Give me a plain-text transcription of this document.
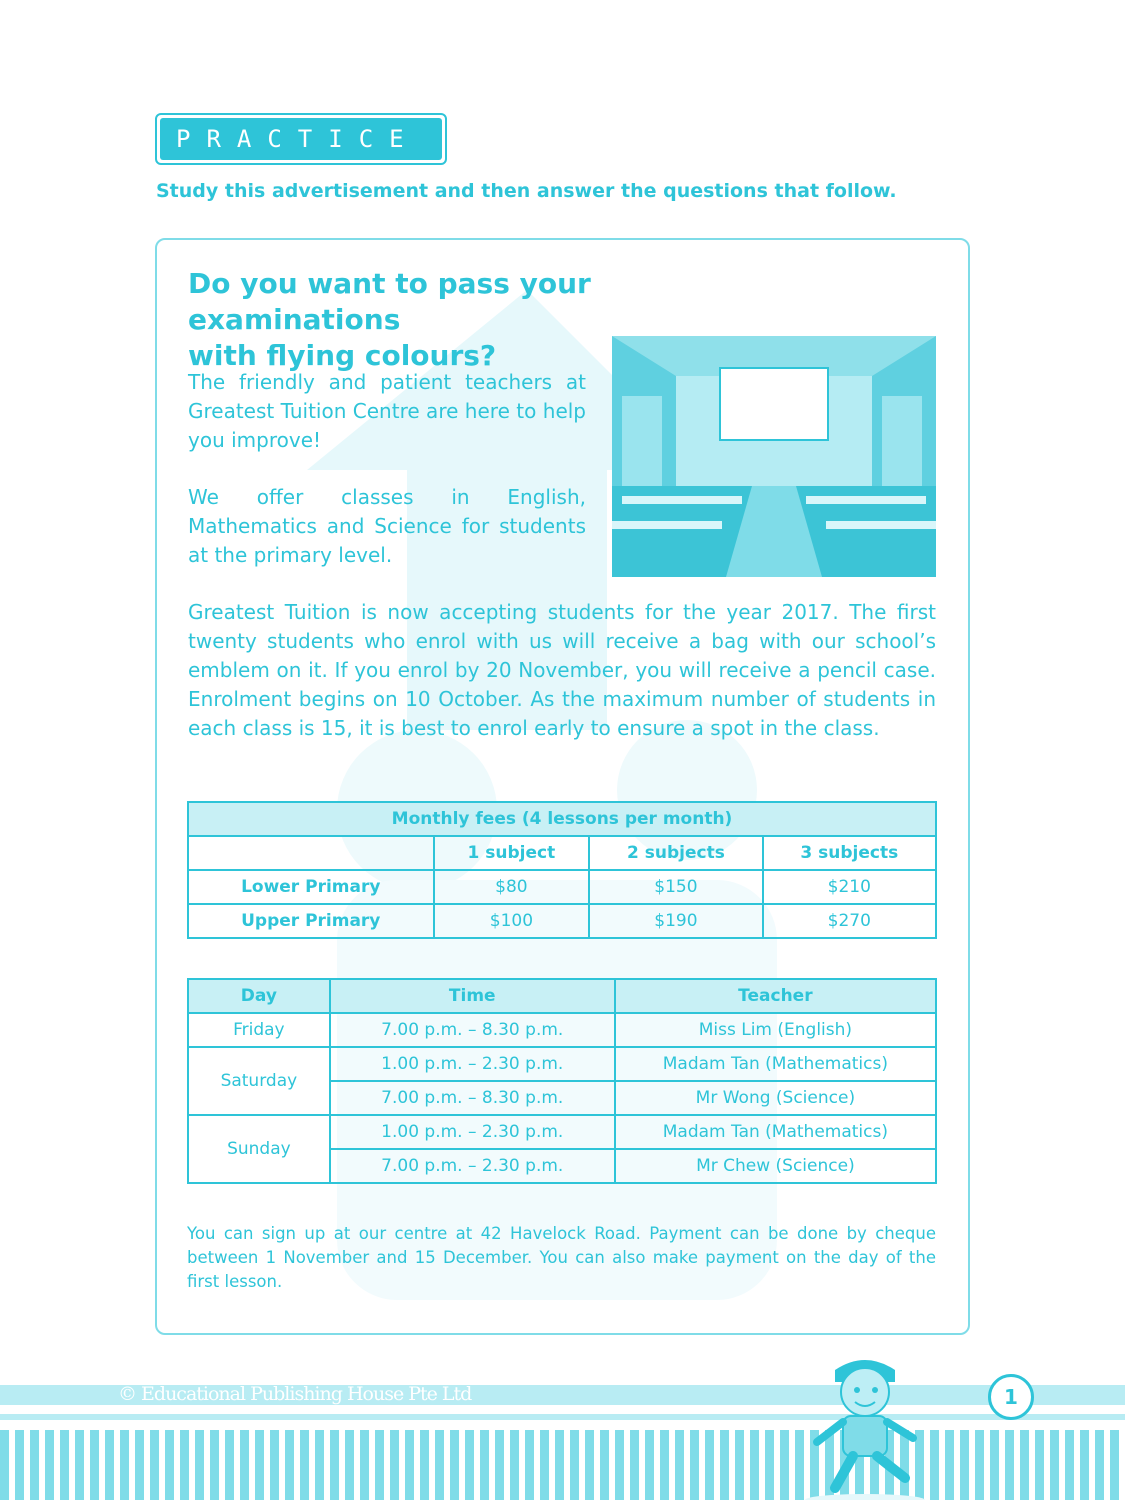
PRACTICE 1
Study this advertisement and then answer the questions that follow.
Do you want to pass your examinations
with flying colours?
The friendly and patient teachers at Greatest Tuition Centre are here to help you improve!
We offer classes in English, Mathematics and Science for students at the primary level.
Greatest Tuition is now accepting students for the year 2017. The first twenty students who enrol with us will receive a bag with our school’s emblem on it. If you enrol by 20 November, you will receive a pencil case. Enrolment begins on 10 October. As the maximum number of students in each class is 15, it is best to enrol early to ensure a spot in the class.
Monthly fees (4 lessons per month)			
	1 subject	2 subjects	3 subjects
Lower Primary	$80	$150	$210
Upper Primary	$100	$190	$270
Day	Time	Teacher
Friday	7.00 p.m. – 8.30 p.m.	Miss Lim (English)
Saturday	1.00 p.m. – 2.30 p.m.	Madam Tan (Mathematics)
	7.00 p.m. – 8.30 p.m.	Mr Wong (Science)
Sunday	1.00 p.m. – 2.30 p.m.	Madam Tan (Mathematics)
	7.00 p.m. – 2.30 p.m.	Mr Chew (Science)
You can sign up at our centre at 42 Havelock Road. Payment can be done by cheque between 1 November and 15 December. You can also make payment on the day of the first lesson.
© Educational Publishing House Pte Ltd	1
